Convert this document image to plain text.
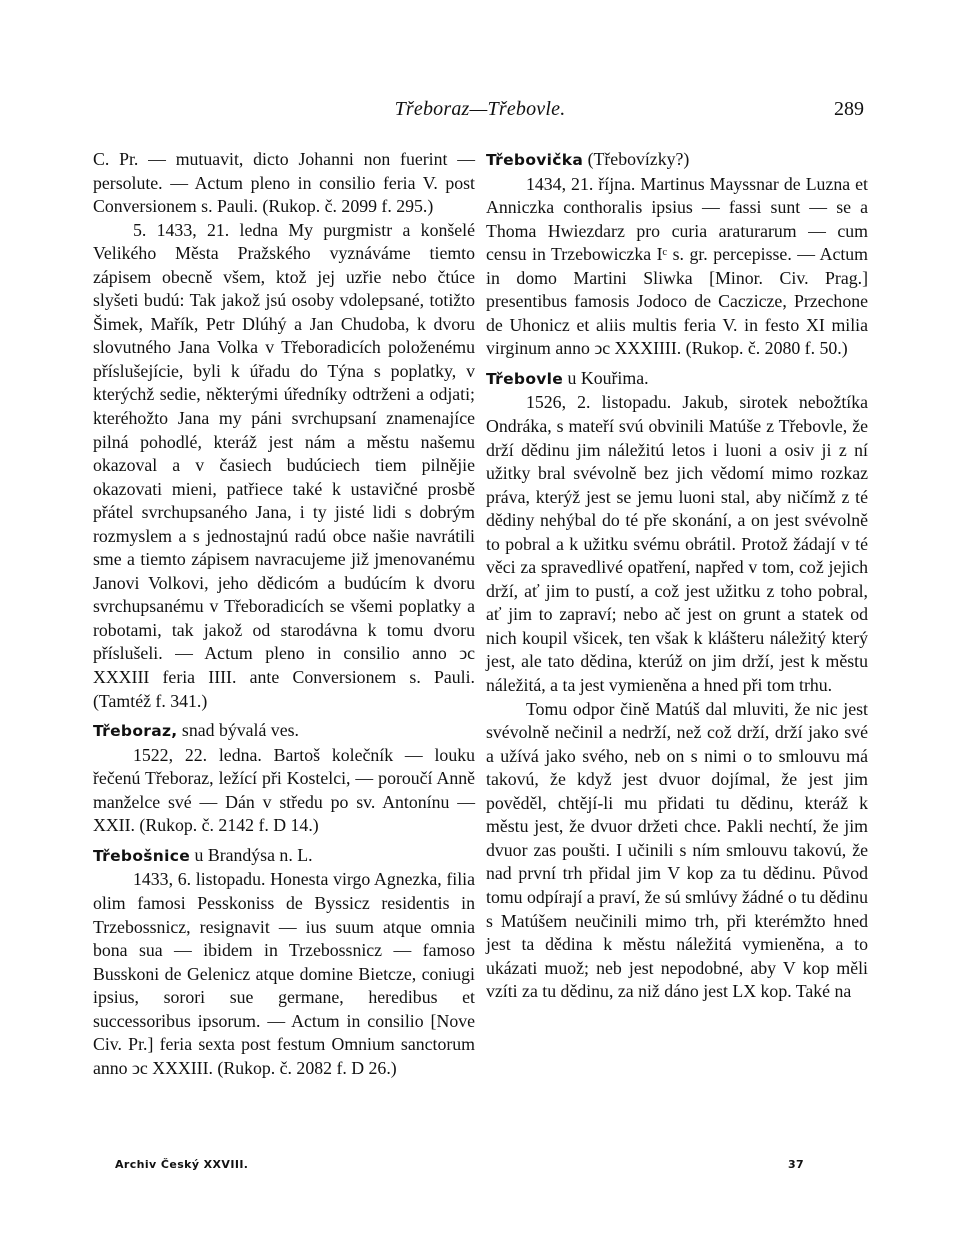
Třeboraz—Třebovle.	289

C. Pr. — mutuavit, dicto Johanni non fuerint — persolute. — Actum pleno in consilio feria V. post Conversionem s. Pauli. (Rukop. č. 2099 f. 295.)

5. 1433, 21. ledna My purgmistr a konšelé Velikého Města Pražského vyznáváme tiemto zápisem obecně všem, ktož jej uzřie nebo čtúce slyšeti budú: Tak jakož jsú osoby vdolepsané, totižto Šimek, Mařík, Petr Dlúhý a Jan Chudoba, k dvoru slovutného Jana Volka v Třeboradicích položenému příslušejície, byli k úřadu do Týna s poplatky, v kterýchž sedie, některými úředníky odtrženi a odjati; kteréhožto Jana my páni svrchupsaní znamenajíce pilná pohodlé, kteráž jest nám a městu našemu okazoval a v časiech budúciech tiem pilnějie okazovati mieni, patřiece také k ustavičné prosbě přátel svrchupsaného Jana, i ty jisté lidi s dobrým rozmyslem a s jednostajnú radú obce našie navrátili sme a tiemto zápisem navracujeme již jmenovanému Janovi Volkovi, jeho dědicóm a budúcím k dvoru svrchupsanému v Třeboradicích se všemi poplatky a robotami, tak jakož od starodávna k tomu dvoru příslušeli. — Actum pleno in consilio anno ↄc XXXIII feria IIII. ante Conversionem s. Pauli. (Tamtéž f. 341.)

Třeboraz, snad bývalá ves.

1522, 22. ledna. Bartoš kolečník — louku řečenú Třeboraz, ležící při Kostelci, — poroučí Anně manželce své — Dán v středu po sv. Antonínu — XXII. (Rukop. č. 2142 f. D 14.)

Třebošnice u Brandýsa n. L.

1433, 6. listopadu. Honesta virgo Agnezka, filia olim famosi Pesskoniss de Byssicz residentis in Trzebossnicz, resignavit — ius suum atque omnia bona sua — ibidem in Trzebossnicz — famoso Busskoni de Gelenicz atque domine Bietcze, coniugi ipsius, sorori sue germane, heredibus et successoribus ipsorum. — Actum in consilio [Nove Civ. Pr.] feria sexta post festum Omnium sanctorum anno ↄc XXXIII. (Rukop. č. 2082 f. D 26.)

Třebovička (Třebovízky?)

1434, 21. října. Martinus Mayssnar de Luzna et Anniczka conthoralis ipsius — fassi sunt — se a Thoma Hwiezdarz pro curia araturarum — cum censu in Trzebowiczka Iᶜ s. gr. percepisse. — Actum in domo Martini Sliwka [Minor. Civ. Prag.] presentibus famosis Jodoco de Caczicze, Przechone de Uhonicz et aliis multis feria V. in festo XI milia virginum anno ↄc XXXIIII. (Rukop. č. 2080 f. 50.)

Třebovle u Kouřima.

1526, 2. listopadu. Jakub, sirotek nebožtíka Ondráka, s mateří svú obvinili Matúše z Třebovle, že drží dědinu jim náležitú letos i luoni a osiv ji z ní užitky bral svévolně bez jich vědomí mimo rozkaz práva, kterýž jest se jemu luoni stal, aby ničímž z té dědiny nehýbal do té pře skonání, a on jest svévolně to pobral a k užitku svému obrátil. Protož žádají v té věci za spravedlivé opatření, napřed v tom, což jejich drží, ať jim to pustí, a což jest užitku z toho pobral, ať jim to zapraví; nebo ač jest on grunt a statek od nich koupil všicek, ten však k klášteru náležitý který jest, ale tato dědina, kterúž on jim drží, jest k městu náležitá, a ta jest vymieněna a hned při tom trhu.

Tomu odpor čině Matúš dal mluviti, že nic jest svévolně nečinil a nedrží, než což drží, drží jako své a užívá jako svého, neb on s nimi o to smlouvu má takovú, že když jest dvuor dojímal, že jest jim pověděl, chtějí-li mu přidati tu dědinu, kteráž k městu jest, že dvuor držeti chce. Pakli nechtí, že jim dvuor zas poušti. I učinili s ním smlouvu takovú, že nad první trh přidal jim V kop za tu dědinu. Původ tomu odpírají a praví, že sú smlúvy žádné o tu dědinu s Matúšem neučinili mimo trh, při kterémžto hned jest ta dědina k městu náležitá vymieněna, a to ukázati muož; neb jest nepodobné, aby V kop měli vzíti za tu dědinu, za niž dáno jest LX kop. Také na

Archiv Český XXVIII.	37
